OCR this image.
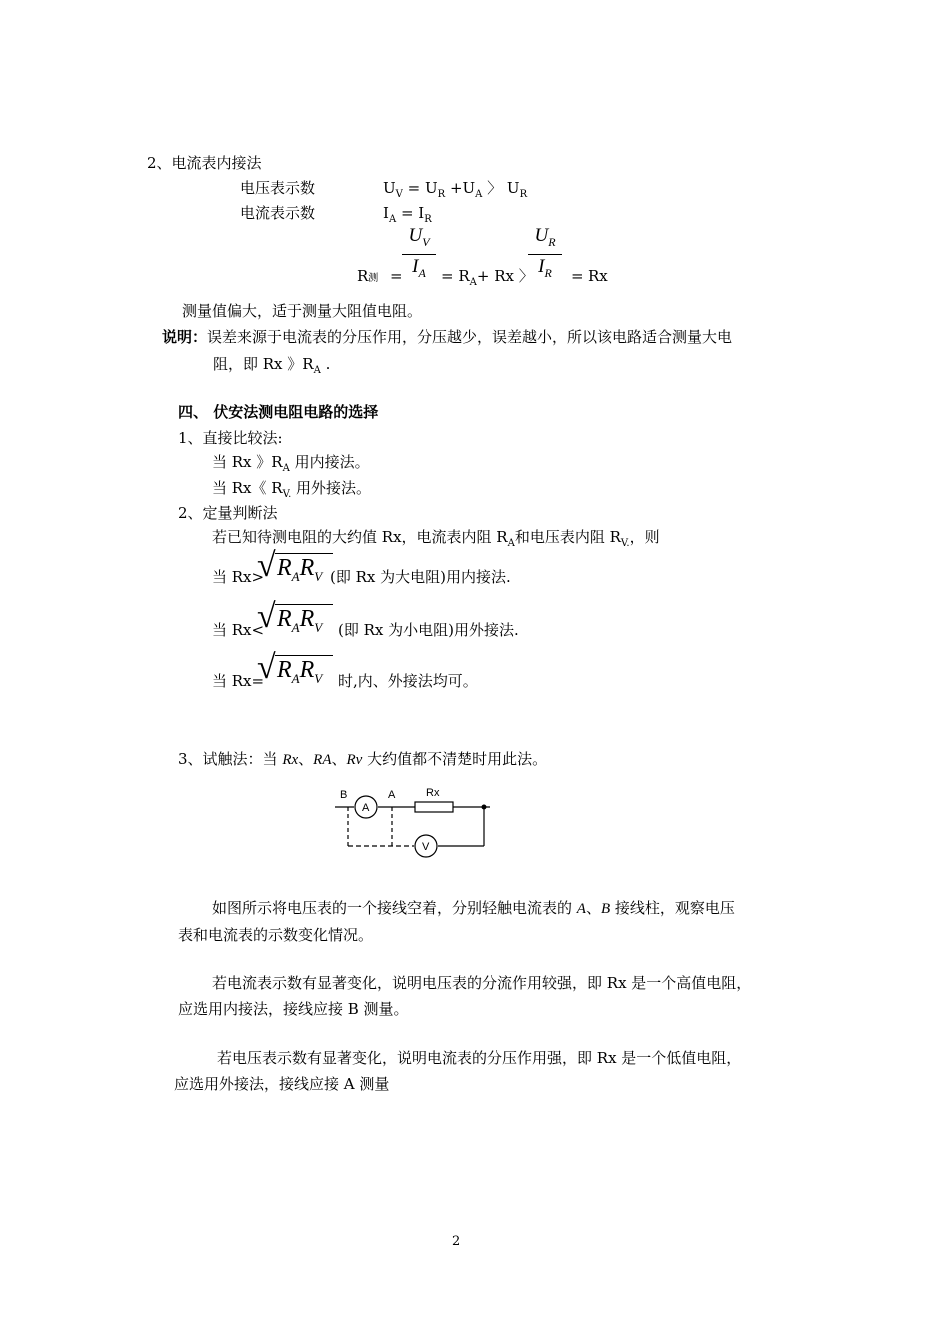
2、电流表内接法
电压表示数	$U_V = U_R +U_A$ 〉 $U_R$
电流表示数	$I_A = I_R$
R测 =
$U_V$
$I_A$	= $R_A+ Rx$ 〉
$U_R$
$I_R$	= Rx
测量值偏大，适于测量大阻值电阻。
说明：误差来源于电流表的分压作用，分压越少，误差越小，所以该电路适合测量大电
阻，即 Rx 》$R_A$ .
四、 伏安法测电阻电路的选择
1、直接比较法:
当 Rx 》$R_A$ 用内接法。
当 Rx《 $R_{V.}$ 用外接法。
2、定量判断法
若已知待测电阻的大约值 Rx，电流表内阻 $R_A$和电压表内阻 $R_{V.}$，则
当 Rx>
√ $R_AR_V$ (即 Rx 为大电阻)用内接法.
当 Rx<
√ $R_AR_V$ (即 Rx 为小电阻)用外接法.
当 Rx=
√ $R_AR_V$ 时,内、外接法均可。
3、试触法：当 Rx、RA、Rv 大约值都不清楚时用此法。
B	A	Rx
A
V
如图所示将电压表的一个接线空着，分别轻触电流表的 A、B 接线柱，观察电压
表和电流表的示数变化情况。
若电流表示数有显著变化，说明电压表的分流作用较强，即 Rx 是一个高值电阻，
应选用内接法，接线应接 B 测量。
若电压表示数有显著变化，说明电流表的分压作用强，即 Rx 是一个低值电阻，
应选用外接法，接线应接 A 测量
2
